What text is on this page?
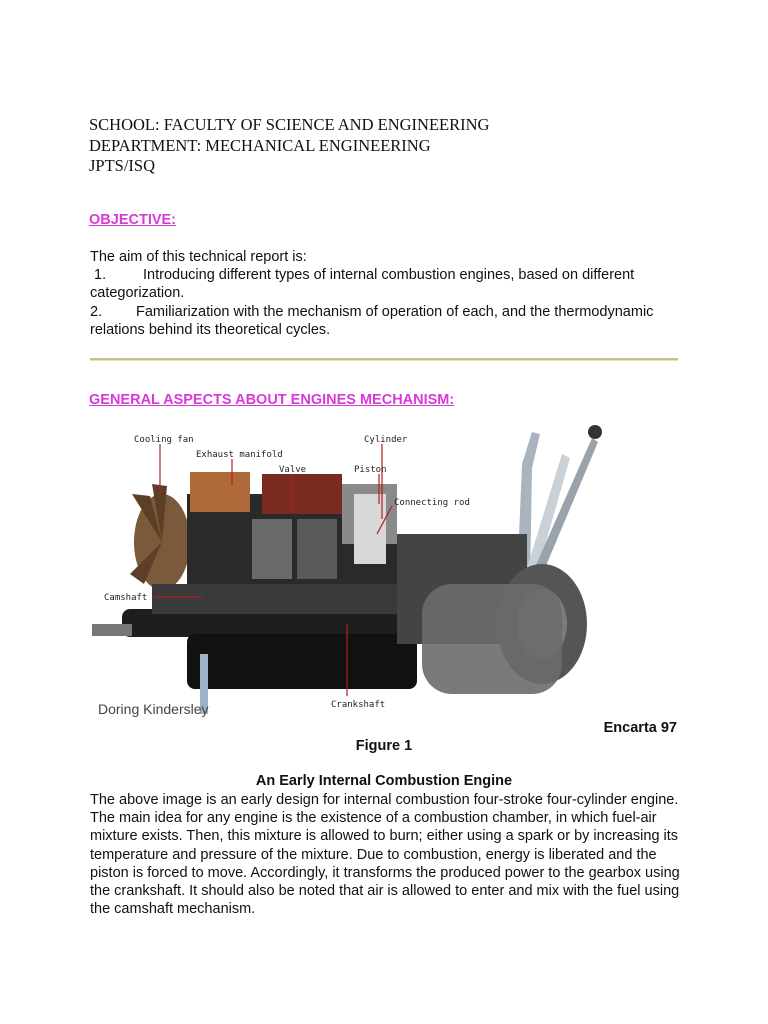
SCHOOL: FACULTY OF SCIENCE AND ENGINEERING
DEPARTMENT: MECHANICAL ENGINEERING
JPTS/ISQ
OBJECTIVE:

The aim of this technical report is:

1.	Introducing different types of internal combustion engines, based on different categorization.

2. Familiarization with the mechanism of operation of each, and the thermodynamic relations behind its theoretical cycles.

GENERAL ASPECTS ABOUT ENGINES MECHANISM:
Cooling fan
Exhaust manifold
Valve
Cylinder
Piston
Connecting rod
Camshaft
Crankshaft
Doring Kindersley
Encarta 97
Figure 1
An Early Internal Combustion Engine

The above image is an early design for internal combustion four-stroke four-cylinder engine. The main idea for any engine is the existence of a combustion chamber, in which fuel-air mixture exists. Then, this mixture is allowed to burn; either using a spark or by increasing its temperature and pressure of the mixture. Due to combustion, energy is liberated and the piston is forced to move. Accordingly, it transforms the produced power to the gearbox using the crankshaft. It should also be noted that air is allowed to enter and mix with the fuel using the camshaft mechanism.
